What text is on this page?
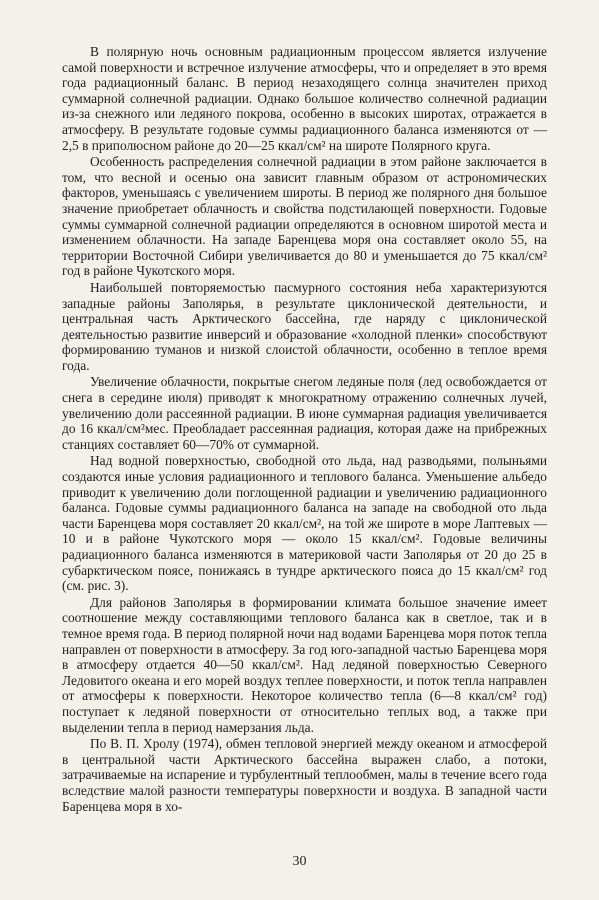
В полярную ночь основным радиационным процессом является излучение самой поверхности и встречное излучение атмосферы, что и определяет в это время года радиационный баланс. В период незаходящего солнца значителен приход суммарной солнечной радиации. Однако большое количество солнечной радиации из-за снежного или ледяного покрова, особенно в высоких широтах, отражается в атмосферу. В результате годовые суммы радиационного баланса изменяются от —2,5 в приполюсном районе до 20—25 ккал/см² на широте Полярного круга.

Особенность распределения солнечной радиации в этом районе заключается в том, что весной и осенью она зависит главным образом от астрономических факторов, уменьшаясь с увеличением широты. В период же полярного дня большое значение приобретает облачность и свойства подстилающей поверхности. Годовые суммы суммарной солнечной радиации определяются в основном широтой места и изменением облачности. На западе Баренцева моря она составляет около 55, на территории Восточной Сибири увеличивается до 80 и уменьшается до 75 ккал/см² год в районе Чукотского моря.

Наибольшей повторяемостью пасмурного состояния неба характеризуются западные районы Заполярья, в результате циклонической деятельности, и центральная часть Арктического бассейна, где наряду с циклонической деятельностью развитие инверсий и образование «холодной пленки» способствуют формированию туманов и низкой слоистой облачности, особенно в теплое время года.

Увеличение облачности, покрытые снегом ледяные поля (лед освобождается от снега в середине июля) приводят к многократному отражению солнечных лучей, увеличению доли рассеянной радиации. В июне суммарная радиация увеличивается до 16 ккал/см²мес. Преобладает рассеянная радиация, которая даже на прибрежных станциях составляет 60—70% от суммарной.

Над водной поверхностью, свободной ото льда, над разводьями, полыньями создаются иные условия радиационного и теплового баланса. Уменьшение альбедо приводит к увеличению доли поглощенной радиации и увеличению радиационного баланса. Годовые суммы радиационного баланса на западе на свободной ото льда части Баренцева моря составляет 20 ккал/см², на той же широте в море Лаптевых — 10 и в районе Чукотского моря — около 15 ккал/см². Годовые величины радиационного баланса изменяются в материковой части Заполярья от 20 до 25 в субарктическом поясе, понижаясь в тундре арктического пояса до 15 ккал/см² год (см. рис. 3).

Для районов Заполярья в формировании климата большое значение имеет соотношение между составляющими теплового баланса как в светлое, так и в темное время года. В период полярной ночи над водами Баренцева моря поток тепла направлен от поверхности в атмосферу. За год юго-западной частью Баренцева моря в атмосферу отдается 40—50 ккал/см². Над ледяной поверхностью Северного Ледовитого океана и его морей воздух теплее поверхности, и поток тепла направлен от атмосферы к поверхности. Некоторое количество тепла (6—8 ккал/см² год) поступает к ледяной поверхности от относительно теплых вод, а также при выделении тепла в период намерзания льда.

По В. П. Хролу (1974), обмен тепловой энергией между океаном и атмосферой в центральной части Арктического бассейна выражен слабо, а потоки, затрачиваемые на испарение и турбулентный теплообмен, малы в течение всего года вследствие малой разности температуры поверхности и воздуха. В западной части Баренцева моря в хо-

30
